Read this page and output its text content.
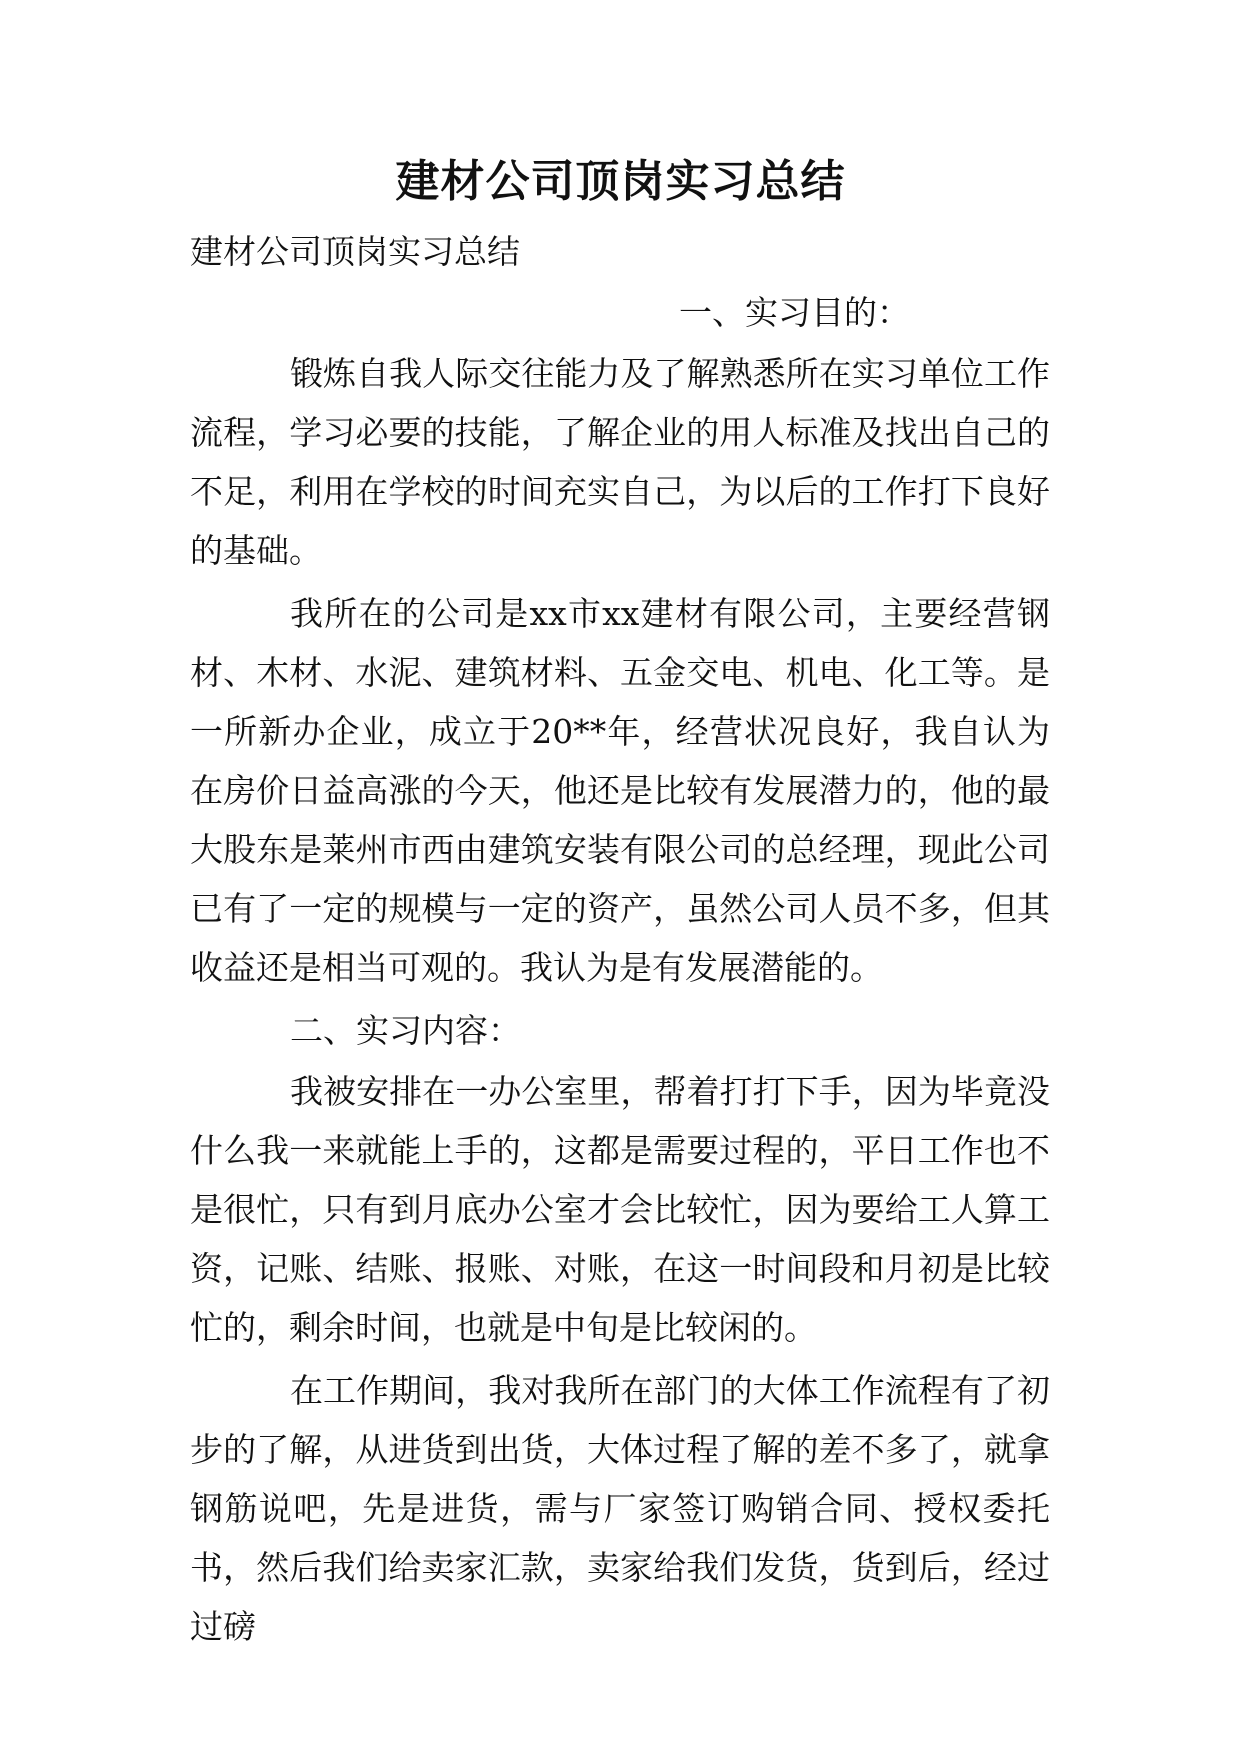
建材公司顶岗实习总结

建材公司顶岗实习总结

一、实习目的：

锻炼自我人际交往能力及了解熟悉所在实习单位工作流程，学习必要的技能，了解企业的用人标准及找出自己的不足，利用在学校的时间充实自己，为以后的工作打下良好的基础。

我所在的公司是xx市xx建材有限公司，主要经营钢材、木材、水泥、建筑材料、五金交电、机电、化工等。是一所新办企业，成立于20**年，经营状况良好，我自认为在房价日益高涨的今天，他还是比较有发展潜力的，他的最大股东是莱州市西由建筑安装有限公司的总经理，现此公司已有了一定的规模与一定的资产，虽然公司人员不多，但其收益还是相当可观的。我认为是有发展潜能的。

二、实习内容：

我被安排在一办公室里，帮着打打下手，因为毕竟没什么我一来就能上手的，这都是需要过程的，平日工作也不是很忙，只有到月底办公室才会比较忙，因为要给工人算工资，记账、结账、报账、对账，在这一时间段和月初是比较忙的，剩余时间，也就是中旬是比较闲的。

在工作期间，我对我所在部门的大体工作流程有了初步的了解，从进货到出货，大体过程了解的差不多了，就拿钢筋说吧，先是进货，需与厂家签订购销合同、授权委托书，然后我们给卖家汇款，卖家给我们发货，货到后，经过过磅
